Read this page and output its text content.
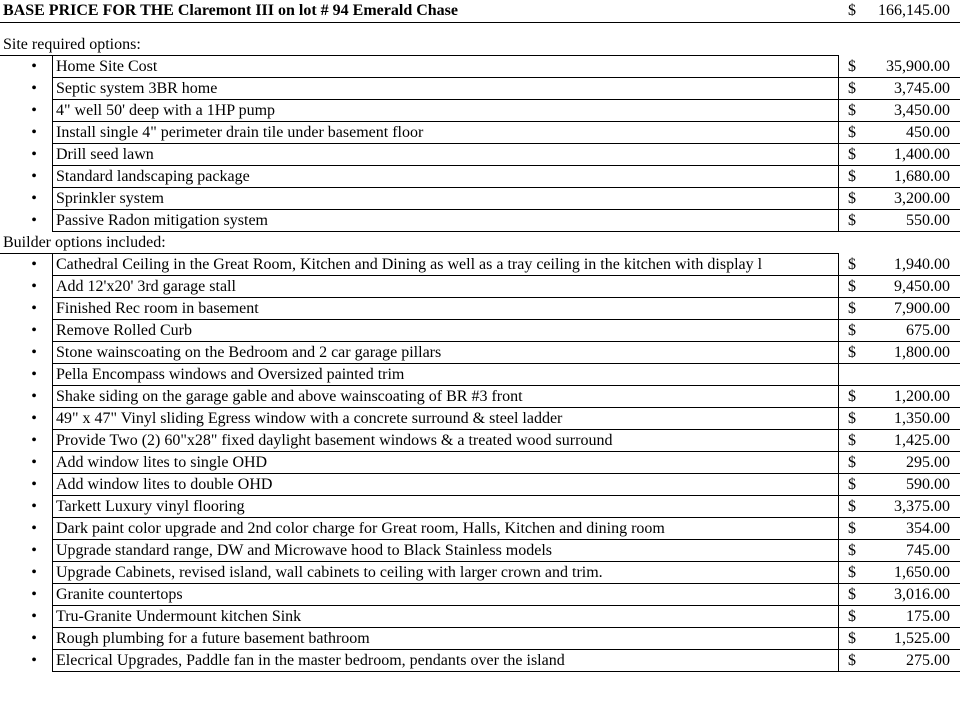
BASE PRICE FOR THE Claremont III on lot # 94 Emerald Chase	$ 166,145.00
Site required options:
• Home Site Cost	$ 35,900.00
• Septic system 3BR home	$ 3,745.00
• 4" well 50' deep with a 1HP pump	$ 3,450.00
• Install single 4" perimeter drain tile under basement floor	$	450.00
• Drill seed lawn	$ 1,400.00
• Standard landscaping package	$ 1,680.00
• Sprinkler system	$ 3,200.00
• Passive Radon mitigation system	$	550.00
Builder options included:
• Cathedral Ceiling in the Great Room, Kitchen and Dining as well as a tray ceiling in the kitchen with display l	$ 1,940.00
• Add 12'x20' 3rd garage stall	$ 9,450.00
• Finished Rec room in basement	$ 7,900.00
• Remove Rolled Curb	$	675.00
• Stone wainscoating on the Bedroom and 2 car garage pillars	$ 1,800.00
• Pella Encompass windows and Oversized painted trim
• Shake siding on the garage gable and above wainscoating of BR #3 front	$ 1,200.00
• 49" x 47" Vinyl sliding Egress window with a concrete surround & steel ladder	$ 1,350.00
• Provide Two (2) 60"x28" fixed daylight basement windows & a treated wood surround	$ 1,425.00
• Add window lites to single OHD	$	295.00
• Add window lites to double OHD	$	590.00
• Tarkett Luxury vinyl flooring	$ 3,375.00
• Dark paint color upgrade and 2nd color charge for Great room, Halls, Kitchen and dining room	$	354.00
• Upgrade standard range, DW and Microwave hood to Black Stainless models	$	745.00
• Upgrade Cabinets, revised island, wall cabinets to ceiling with larger crown and trim.	$ 1,650.00
• Granite countertops	$ 3,016.00
• Tru-Granite Undermount kitchen Sink	$	175.00
• Rough plumbing for a future basement bathroom	$ 1,525.00
• Elecrical Upgrades, Paddle fan in the master bedroom, pendants over the island	$	275.00
